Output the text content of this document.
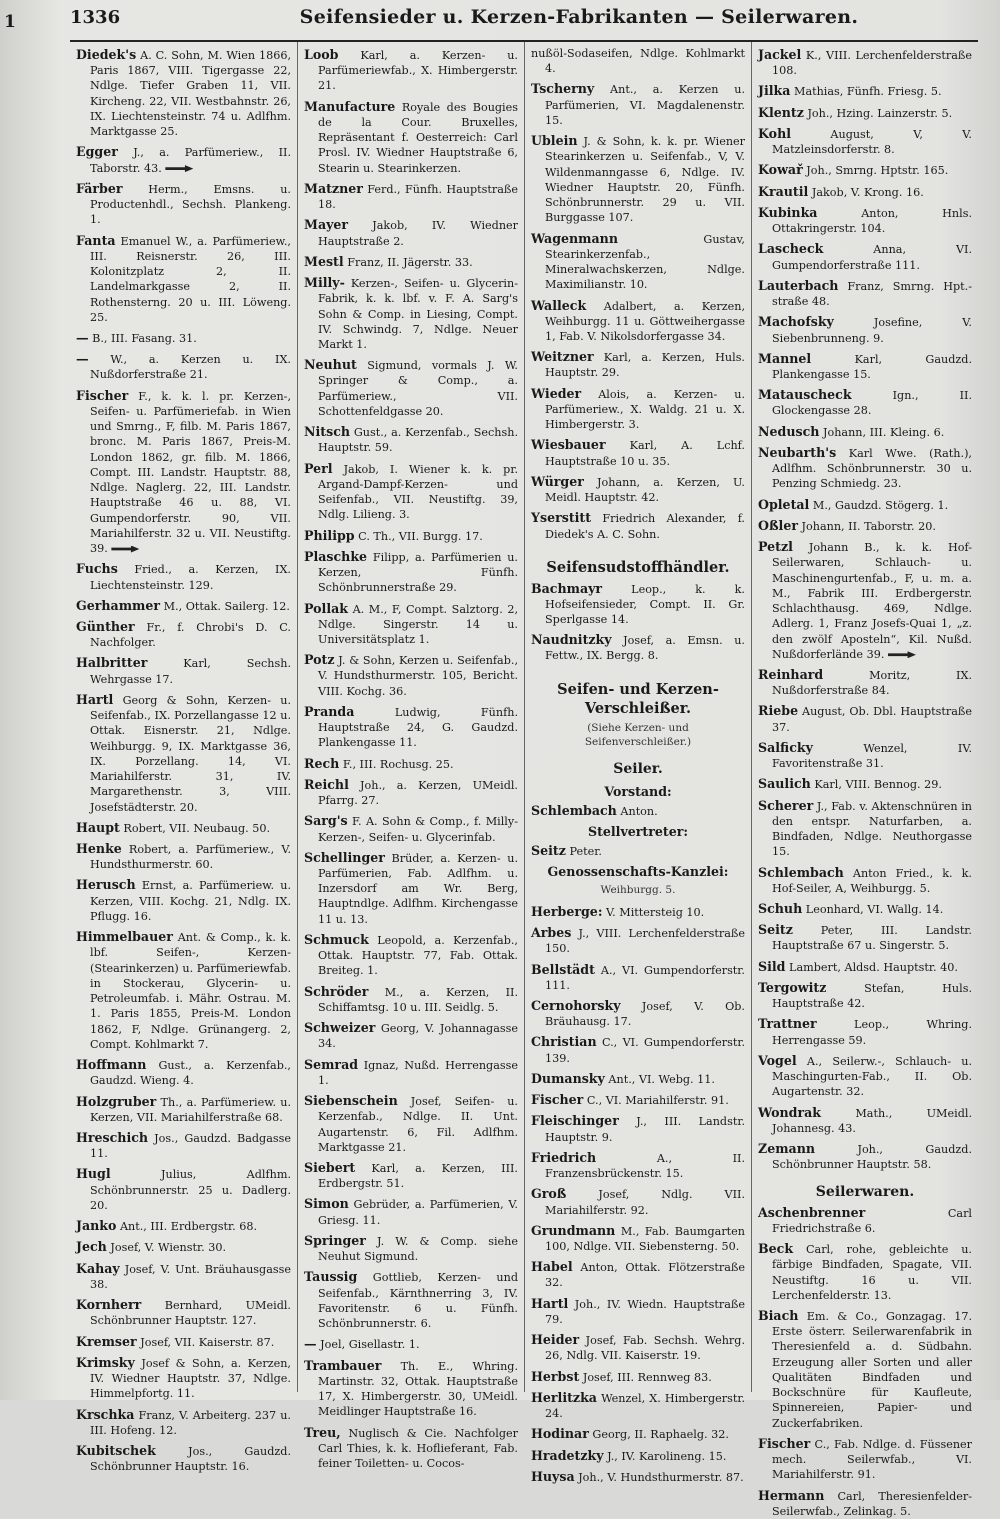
1	1336	Seifensieder u. Kerzen-Fabrikanten — Seilerwaren.
Diedek's A. C. Sohn, M. Wien 1866, Paris 1867, VIII. Tigergasse 22, Ndlge. Tiefer Graben 11, VII. Kircheng. 22, VII. Westbahnstr. 26, IX. Liechtensteinstr. 74 u. Adlfhm. Marktgasse 25.
Egger J., a. Parfümeriew., II. Taborstr. 43.
Färber Herm., Emsns. u. Productenhdl., Sechsh. Plankeng. 1.
Fanta Emanuel W., a. Parfümeriew., III. Reisnerstr. 26, III. Kolonitzplatz 2, II. Landelmarkgasse 2, II. Rothensterng. 20 u. III. Löweng. 25.
— B., III. Fasang. 31.
— W., a. Kerzen u. IX. Nußdorferstraße 21.
Fischer F., k. k. l. pr. Kerzen-, Seifen- u. Parfümeriefab. in Wien und Smrng., F, filb. M. Paris 1867, bronc. M. Paris 1867, Preis-M. London 1862, gr. filb. M. 1866, Compt. III. Landstr. Hauptstr. 88, Ndlge. Naglerg. 22, III. Landstr. Hauptstraße 46 u. 88, VI. Gumpendorferstr. 90, VII. Mariahilferstr. 32 u. VII. Neustiftg. 39.
Fuchs Fried., a. Kerzen, IX. Liechtensteinstr. 129.
Gerhammer M., Ottak. Sailerg. 12.
Günther Fr., f. Chrobi's D. C. Nachfolger.
Halbritter	Karl, Sechsh. Wehrgasse 17.
Hartl Georg & Sohn, Kerzen- u. Seifenfab., IX. Porzellangasse 12 u. Ottak. Eisnerstr. 21, Ndlge. Weihburgg. 9, IX. Marktgasse 36, IX. Porzellang. 14, VI. Mariahilferstr. 31, IV. Margarethenstr. 3, VIII. Josefstädterstr. 20.
Haupt Robert, VII. Neubaug. 50.
Henke Robert, a. Parfümeriew., V. Hundsthurmerstr. 60.
Herusch Ernst, a. Parfümeriew. u. Kerzen, VIII. Kochg. 21, Ndlg. IX. Pflugg. 16.
Himmelbauer Ant. & Comp., k. k. lbf. Seifen-, Kerzen- (Stearinkerzen) u. Parfümeriewfab. in Stockerau, Glycerin- u. Petroleumfab. i. Mähr. Ostrau. M. 1. Paris 1855, Preis-M. London 1862, F, Ndlge. Grünangerg. 2, Compt. Kohlmarkt 7.
Hoffmann Gust., a. Kerzenfab., Gaudzd. Wieng. 4.
Holzgruber Th., a. Parfümeriew. u. Kerzen, VII. Mariahilferstraße 68.
Hreschich Jos., Gaudzd. Badgasse 11.
Hugl	Julius, Adlfhm. Schönbrunnerstr. 25 u. Dadlerg. 20.
Janko Ant., III. Erdbergstr. 68.
Jech Josef, V. Wienstr. 30.
Kahay Josef, V. Unt. Bräuhausgasse 38.
Kornherr Bernhard, UMeidl. Schönbrunner Hauptstr. 127.
Kremser Josef, VII. Kaiserstr. 87.
Krimsky Josef & Sohn, a. Kerzen, IV. Wiedner Hauptstr. 37, Ndlge. Himmelpfortg. 11.
Krschka Franz, V. Arbeiterg. 237 u. III. Hofeng. 12.
Kubitschek	Jos., Gaudzd. Schönbrunner Hauptstr. 16.
Loob Karl, a. Kerzen- u. Parfümeriewfab., X. Himbergerstr. 21.
Manufacture Royale des Bougies de la Cour. Bruxelles, Repräsentant f. Oesterreich: Carl Prosl. IV. Wiedner Hauptstraße 6, Stearin u. Stearinkerzen.
Matzner Ferd., Fünfh. Hauptstraße 18.
Mayer Jakob, IV. Wiedner Hauptstraße 2.
Mestl Franz, II. Jägerstr. 33.
Milly- Kerzen-, Seifen- u. Glycerin-Fabrik, k. k. lbf. v. F. A. Sarg's Sohn & Comp. in Liesing, Compt. IV. Schwindg. 7, Ndlge. Neuer Markt 1.
Neuhut Sigmund, vormals J. W. Springer & Comp., a. Parfümeriew., VII. Schottenfeldgasse 20.
Nitsch Gust., a. Kerzenfab., Sechsh. Hauptstr. 59.
Perl Jakob, I. Wiener k. k. pr. Argand-Dampf-Kerzen- und Seifenfab., VII. Neustiftg. 39, Ndlg. Lilieng. 3.
Philipp C. Th., VII. Burgg. 17.
Plaschke Filipp, a. Parfümerien u. Kerzen, Fünfh. Schönbrunnerstraße 29.
Pollak A. M., F, Compt. Salztorg. 2, Ndlge. Singerstr. 14 u. Universitätsplatz 1.
Potz J. & Sohn, Kerzen u. Seifenfab., V. Hundsthurmerstr. 105, Bericht. VIII. Kochg. 36.
Pranda	Ludwig, Fünfh. Hauptstraße 24, G. Gaudzd. Plankengasse 11.
Rech F., III. Rochusg. 25.
Reichl Joh., a. Kerzen, UMeidl. Pfarrg. 27.
Sarg's F. A. Sohn & Comp., f. Milly-Kerzen-, Seifen- u. Glycerinfab.
Schellinger Brüder, a. Kerzen- u. Parfümerien, Fab. Adlfhm. u. Inzersdorf am Wr. Berg, Hauptndlge. Adlfhm. Kirchengasse 11 u. 13.
Schmuck Leopold, a. Kerzenfab., Ottak. Hauptstr. 77, Fab. Ottak. Breiteg. 1.
Schröder M., a. Kerzen, II. Schiffamtsg. 10 u. III. Seidlg. 5.
Schweizer Georg, V. Johannagasse 34.
Semrad Ignaz, Nußd. Herrengasse 1.
Siebenschein Josef, Seifen- u. Kerzenfab., Ndlge. II. Unt. Augartenstr. 6, Fil. Adlfhm. Marktgasse 21.
Siebert Karl, a. Kerzen, III. Erdbergstr. 51.
Simon Gebrüder, a. Parfümerien, V. Griesg. 11.
Springer J. W. & Comp. siehe Neuhut Sigmund.
Taussig Gottlieb, Kerzen- und Seifenfab., Kärnthnerring 3, IV. Favoritenstr. 6 u. Fünfh. Schönbrunnerstr. 6.
— Joel, Gisellastr. 1.
Trambauer Th. E., Whring. Martinstr. 32, Ottak. Hauptstraße 17, X. Himbergerstr. 30, UMeidl. Meidlinger Hauptstraße 16.
Treu, Nuglisch & Cie. Nachfolger Carl Thies, k. k. Hoflieferant, Fab. feiner Toiletten- u. Cocos-
nußöl-Sodaseifen, Ndlge. Kohlmarkt 4.
Tscherny Ant., a. Kerzen u. Parfümerien, VI. Magdalenenstr. 15.
Ublein J. & Sohn, k. k. pr. Wiener Stearinkerzen u. Seifenfab., V, V. Wildenmanngasse 6, Ndlge. IV. Wiedner Hauptstr. 20, Fünfh. Schönbrunnerstr. 29 u. VII. Burggasse 107.
Wagenmann	Gustav, Stearinkerzenfab., Mineralwachskerzen, Ndlge. Maximilianstr. 10.
Walleck Adalbert, a. Kerzen, Weihburgg. 11 u. Göttweihergasse 1, Fab. V. Nikolsdorfergasse 34.
Weitzner Karl, a. Kerzen, Huls. Hauptstr. 29.
Wieder Alois, a. Kerzen- u. Parfümeriew., X. Waldg. 21 u. X. Himbergerstr. 3.
Wiesbauer Karl, A. Lchf. Hauptstraße 10 u. 35.
Würger Johann, a. Kerzen, U. Meidl. Hauptstr. 42.
Yserstitt Friedrich Alexander, f. Diedek's A. C. Sohn.
Seifensudstoffhändler.
Bachmayr	Leop., k. k. Hofseifensieder, Compt. II. Gr. Sperlgasse 14.
Naudnitzky Josef, a. Emsn. u. Fettw., IX. Bergg. 8.
Seifen- und Kerzen-Verschleißer.
(Siehe Kerzen- und Seifenverschleißer.)
Seiler.
Vorstand:
Schlembach Anton.
Stellvertreter:
Seitz Peter.
Genossenschafts-Kanzlei:
Weihburgg. 5.
Herberge: V. Mittersteig 10.
Arbes J., VIII. Lerchenfelderstraße 150.
Bellstädt A., VI. Gumpendorferstr. 111.
Cernohorsky Josef, V. Ob. Bräuhausg. 17.
Christian C., VI. Gumpendorferstr. 139.
Dumansky Ant., VI. Webg. 11.
Fischer C., VI. Mariahilferstr. 91.
Fleischinger J., III. Landstr. Hauptstr. 9.
Friedrich	A., II. Franzensbrückenstr. 15.
Groß	Josef, Ndlg. VII. Mariahilferstr. 92.
Grundmann M., Fab. Baumgarten 100, Ndlge. VII. Siebensterng. 50.
Habel Anton, Ottak. Flötzerstraße 32.
Hartl Joh., IV. Wiedn. Hauptstraße 79.
Heider Josef, Fab. Sechsh. Wehrg. 26, Ndlg. VII. Kaiserstr. 19.
Herbst Josef, III. Rennweg 83.
Herlitzka Wenzel, X. Himbergerstr. 24.
Hodinar Georg, II. Raphaelg. 32.
Hradetzky J., IV. Karolineng. 15.
Huysa Joh., V. Hundsthurmerstr. 87.
Jackel K., VIII. Lerchenfelderstraße 108.
Jilka Mathias, Fünfh. Friesg. 5.
Klentz Joh., Hzing. Lainzerstr. 5.
Kohl	August, V, V. Matzleinsdorferstr. 8.
Kowař Joh., Smrng. Hptstr. 165.
Krautil Jakob, V. Krong. 16.
Kubinka	Anton, Hnls. Ottakringerstr. 104.
Lascheck	Anna, VI. Gumpendorferstraße 111.
Lauterbach Franz, Smrng. Hpt.-straße 48.
Machofsky	Josefine, V. Siebenbrunneng. 9.
Mannel	Karl, Gaudzd. Plankengasse 15.
Matauscheck	Ign., II. Glockengasse 28.
Nedusch Johann, III. Kleing. 6.
Neubarth's Karl Wwe. (Rath.), Adlfhm. Schönbrunnerstr. 30 u. Penzing Schmiedg. 23.
Opletal M., Gaudzd. Stögerg. 1.
Oßler Johann, II. Taborstr. 20.
Petzl Johann B., k. k. Hof-Seilerwaren, Schlauch- u. Maschinengurtenfab., F, u. m. a. M., Fabrik III. Erdbergerstr. Schlachthausg. 469, Ndlge. Adlerg. 1, Franz Josefs-Quai 1, „z. den zwölf Aposteln“, Kil. Nußd. Nußdorferlände 39.
Reinhard	Moritz, IX. Nußdorferstraße 84.
Riebe August, Ob. Dbl. Hauptstraße 37.
Salficky	Wenzel, IV. Favoritenstraße 31.
Saulich Karl, VIII. Bennog. 29.
Scherer J., Fab. v. Aktenschnüren in den entspr. Naturfarben, a. Bindfaden, Ndlge. Neuthorgasse 15.
Schlembach Anton Fried., k. k. Hof-Seiler, A, Weihburgg. 5.
Schuh Leonhard, VI. Wallg. 14.
Seitz Peter, III. Landstr. Hauptstraße 67 u. Singerstr. 5.
Sild Lambert, Aldsd. Hauptstr. 40.
Tergowitz	Stefan, Huls. Hauptstraße 42.
Trattner	Leop., Whring. Herrengasse 59.
Vogel A., Seilerw.-, Schlauch- u. Maschingurten-Fab., II. Ob. Augartenstr. 32.
Wondrak	Math., UMeidl. Johannesg. 43.
Zemann	Joh., Gaudzd. Schönbrunner Hauptstr. 58.
Seilerwaren.
Aschenbrenner	Carl Friedrichstraße 6.
Beck Carl, rohe, gebleichte u. färbige Bindfaden, Spagate, VII. Neustiftg. 16 u. VII. Lerchenfelderstr. 13.
Biach Em. & Co., Gonzagag. 17. Erste österr. Seilerwarenfabrik in Theresienfeld a. d. Südbahn. Erzeugung aller Sorten und aller Qualitäten Bindfaden und Bockschnüre für Kaufleute, Spinnereien, Papier- und Zuckerfabriken.
Fischer C., Fab. Ndlge. d. Füssener mech. Seilerwfab., VI. Mariahilferstr. 91.
Hermann Carl, Theresienfelder-Seilerwfab., Zelinkag. 5.
